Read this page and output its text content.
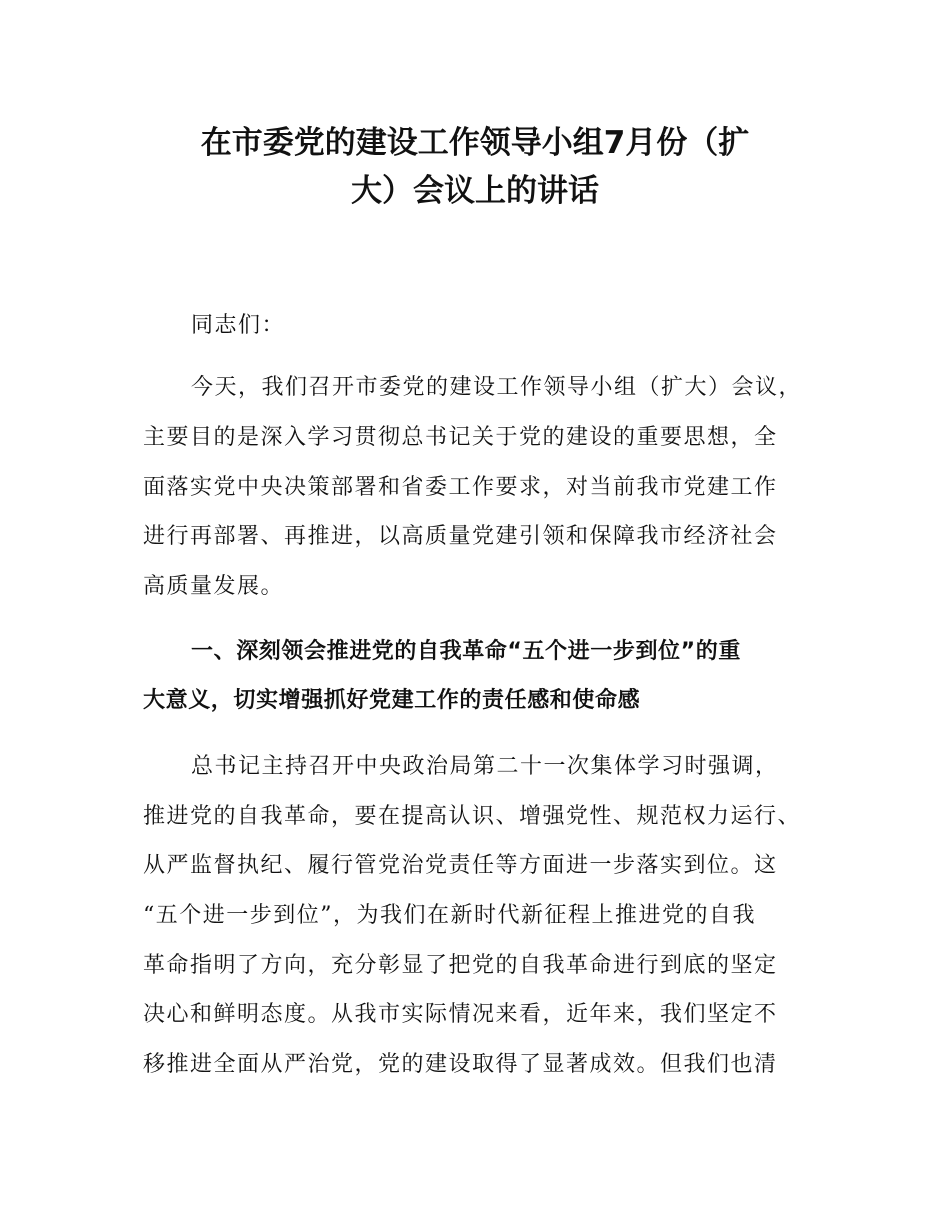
在市委党的建设工作领导小组7月份（扩
大）会议上的讲话

同志们：

今天，我们召开市委党的建设工作领导小组（扩大）会议，

主要目的是深入学习贯彻总书记关于党的建设的重要思想，全

面落实党中央决策部署和省委工作要求，对当前我市党建工作

进行再部署、再推进，以高质量党建引领和保障我市经济社会

高质量发展。

一、深刻领会推进党的自我革命“五个进一步到位”的重

大意义，切实增强抓好党建工作的责任感和使命感

总书记主持召开中央政治局第二十一次集体学习时强调，

推进党的自我革命，要在提高认识、增强党性、规范权力运行、

从严监督执纪、履行管党治党责任等方面进一步落实到位。这

“五个进一步到位”，为我们在新时代新征程上推进党的自我

革命指明了方向，充分彰显了把党的自我革命进行到底的坚定

决心和鲜明态度。从我市实际情况来看，近年来，我们坚定不

移推进全面从严治党，党的建设取得了显著成效。但我们也清
